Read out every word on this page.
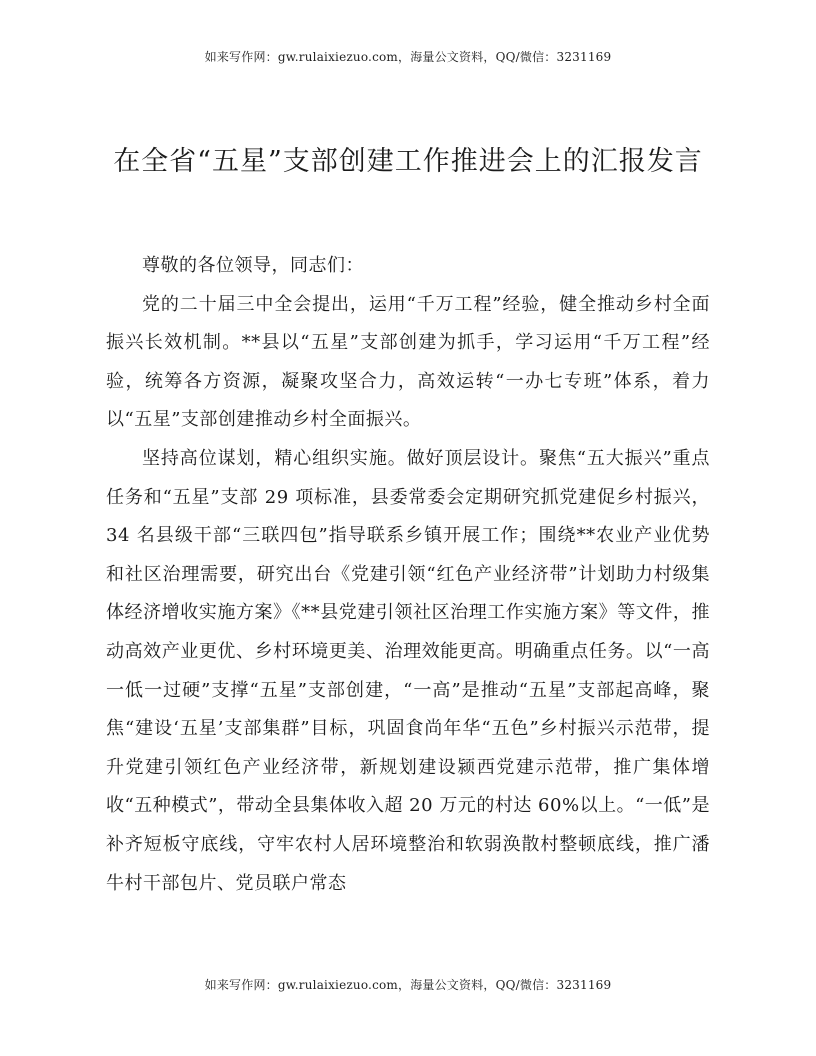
如来写作网：gw.rulaixiezuo.com，海量公文资料，QQ/微信：3231169
在全省“五星”支部创建工作推进会上的汇报发言

尊敬的各位领导，同志们：

党的二十届三中全会提出，运用“千万工程”经验，健全推动乡村全面振兴长效机制。**县以“五星”支部创建为抓手，学习运用“千万工程”经验，统筹各方资源，凝聚攻坚合力，高效运转“一办七专班”体系，着力以“五星”支部创建推动乡村全面振兴。

坚持高位谋划，精心组织实施。做好顶层设计。聚焦“五大振兴”重点任务和“五星”支部 29 项标准，县委常委会定期研究抓党建促乡村振兴，34 名县级干部“三联四包”指导联系乡镇开展工作；围绕**农业产业优势和社区治理需要，研究出台《党建引领“红色产业经济带”计划助力村级集体经济增收实施方案》《**县党建引领社区治理工作实施方案》等文件，推动高效产业更优、乡村环境更美、治理效能更高。明确重点任务。以“一高一低一过硬”支撑“五星”支部创建，“一高”是推动“五星”支部起高峰，聚焦“建设‘五星’支部集群”目标，巩固食尚年华“五色”乡村振兴示范带，提升党建引领红色产业经济带，新规划建设颍西党建示范带，推广集体增收“五种模式”，带动全县集体收入超 20 万元的村达 60%以上。“一低”是补齐短板守底线，守牢农村人居环境整治和软弱涣散村整顿底线，推广潘牛村干部包片、党员联户常态

如来写作网：gw.rulaixiezuo.com，海量公文资料，QQ/微信：3231169
